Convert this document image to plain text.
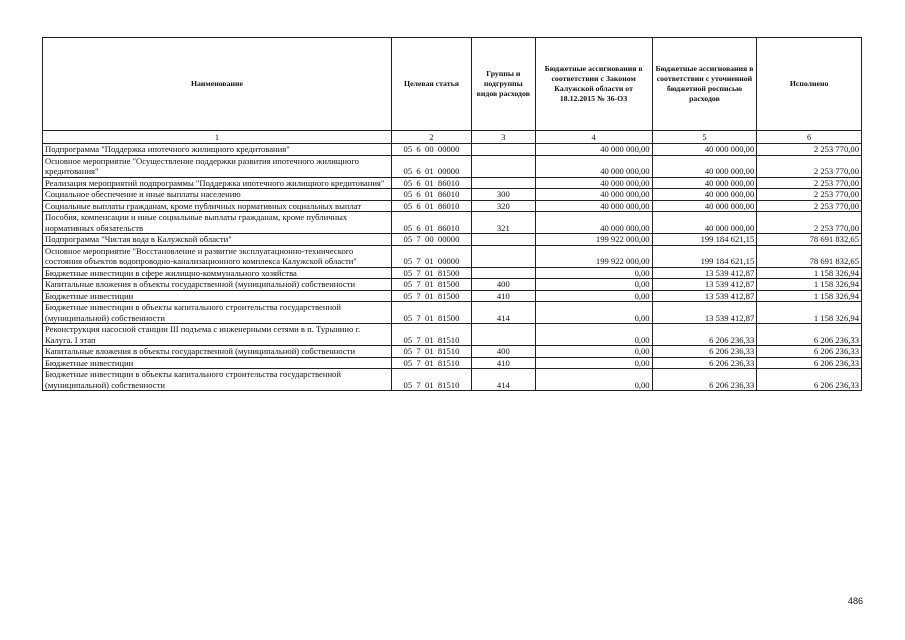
Наименование	Целевая статья	Группы и подгруппы видов расходов	Бюджетные ассигнования в соответствии с Законом Калужской области от 18.12.2015 № 36-ОЗ	Бюджетные ассигнования в соответствии с уточненной бюджетной росписью расходов	Исполнено
1	2	3	4	5	6
Подпрограмма "Поддержка ипотечного жилищного кредитования"	05  6  00  00000		40 000 000,00	40 000 000,00	2 253 770,00
Основное мероприятие "Осуществление поддержки развития ипотечного жилищного кредитования"	05  6  01  00000		40 000 000,00	40 000 000,00	2 253 770,00
Реализация мероприятий подпрограммы "Поддержка ипотечного жилищного кредитования"	05  6  01  86010		40 000 000,00	40 000 000,00	2 253 770,00
Социальное обеспечение и иные выплаты населению	05  6  01  86010	300	40 000 000,00	40 000 000,00	2 253 770,00
Социальные выплаты гражданам, кроме публичных нормативных социальных выплат	05  6  01  86010	320	40 000 000,00	40 000 000,00	2 253 770,00
Пособия, компенсации и иные социальные выплаты гражданам, кроме публичных нормативных обязательств	05  6  01  86010	321	40 000 000,00	40 000 000,00	2 253 770,00
Подпрограмма "Чистая вода в Калужской области"	05  7  00  00000		199 922 000,00	199 184 621,15	78 691 832,65
Основное мероприятие "Восстановление и развитие эксплуатационно-технического состояния объектов водопроводно-канализационного комплекса Калужской области"	05  7  01  00000		199 922 000,00	199 184 621,15	78 691 832,65
Бюджетные инвестиции в сфере жилищно-коммунального хозяйства	05  7  01  81500		0,00	13 539 412,87	1 158 326,94
Капитальные вложения в объекты государственной (муниципальной) собственности	05  7  01  81500	400	0,00	13 539 412,87	1 158 326,94
Бюджетные инвестиции	05  7  01  81500	410	0,00	13 539 412,87	1 158 326,94
Бюджетные инвестиции в объекты капитального строительства государственной (муниципальной) собственности	05  7  01  81500	414	0,00	13 539 412,87	1 158 326,94
Реконструкция насосной станции III подъема с инженерными сетями в п. Турынино г. Калуга. I этап	05  7  01  81510		0,00	6 206 236,33	6 206 236,33
Капитальные вложения в объекты государственной (муниципальной) собственности	05  7  01  81510	400	0,00	6 206 236,33	6 206 236,33
Бюджетные инвестиции	05  7  01  81510	410	0,00	6 206 236,33	6 206 236,33
Бюджетные инвестиции в объекты капитального строительства государственной (муниципальной) собственности	05  7  01  81510	414	0,00	6 206 236,33	6 206 236,33
486
